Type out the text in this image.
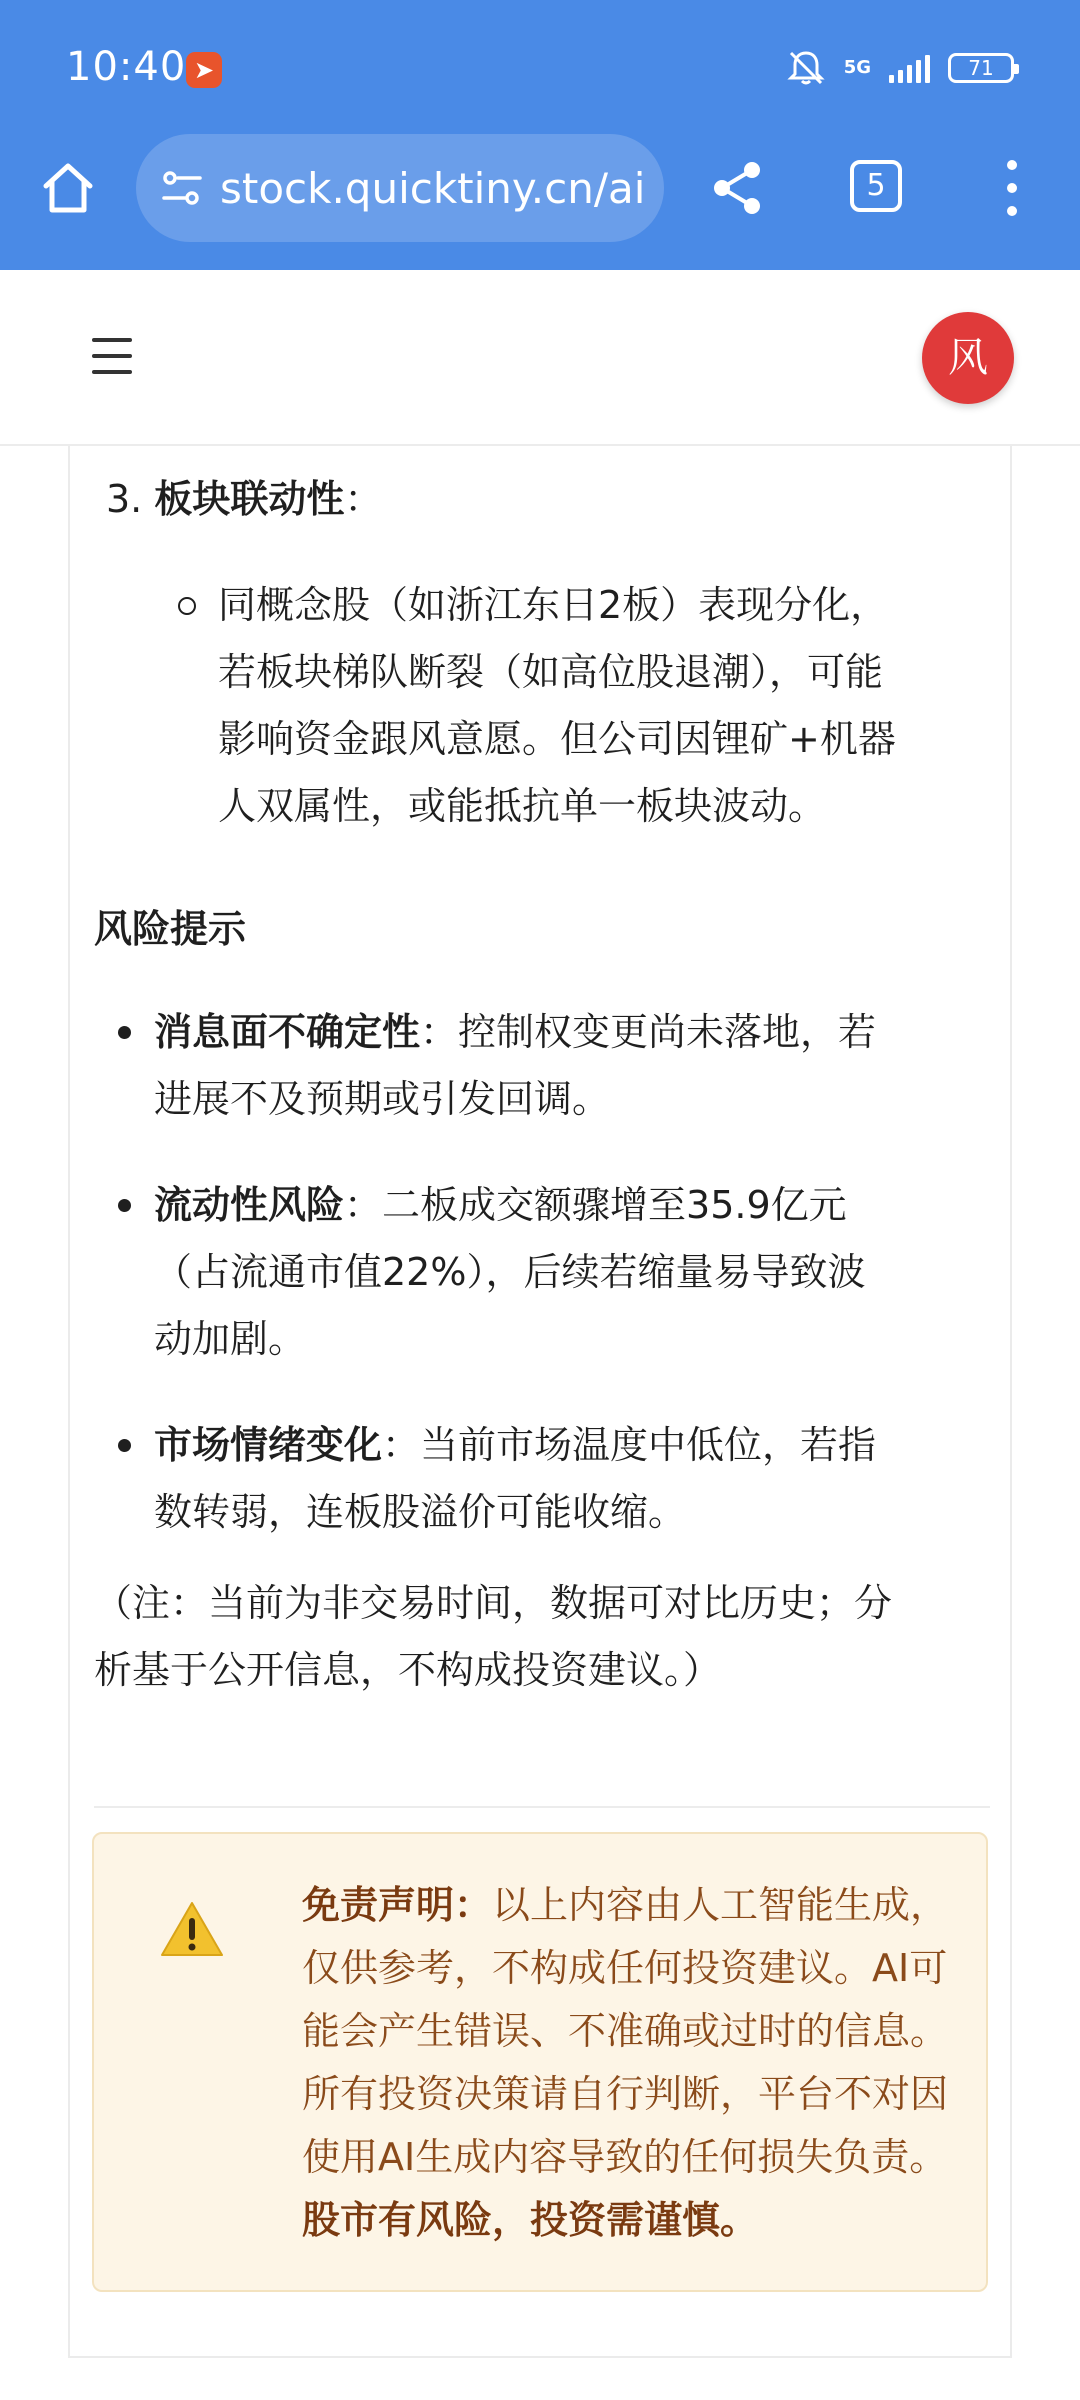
10:40 ➤	5G	71
stock.quicktiny.cn/ai	5
风
3. 板块联动性：
同概念股（如浙江东日2板）表现分化，
若板块梯队断裂（如高位股退潮），可能
影响资金跟风意愿。但公司因锂矿+机器
人双属性，或能抵抗单一板块波动。
风险提示
消息面不确定性：控制权变更尚未落地，若
进展不及预期或引发回调。
流动性风险：二板成交额骤增至35.9亿元
（占流通市值22%），后续若缩量易导致波
动加剧。
市场情绪变化：当前市场温度中低位，若指
数转弱，连板股溢价可能收缩。
（注：当前为非交易时间，数据可对比历史；分
析基于公开信息，不构成投资建议。）
免责声明：以上内容由人工智能生成，仅供参考，不构成任何投资建议。AI可能会产生错误、不准确或过时的信息。 所有投资决策请自行判断，平台不对因使用AI生成内容导致的任何损失负责。股市有风险，投资需谨慎。
